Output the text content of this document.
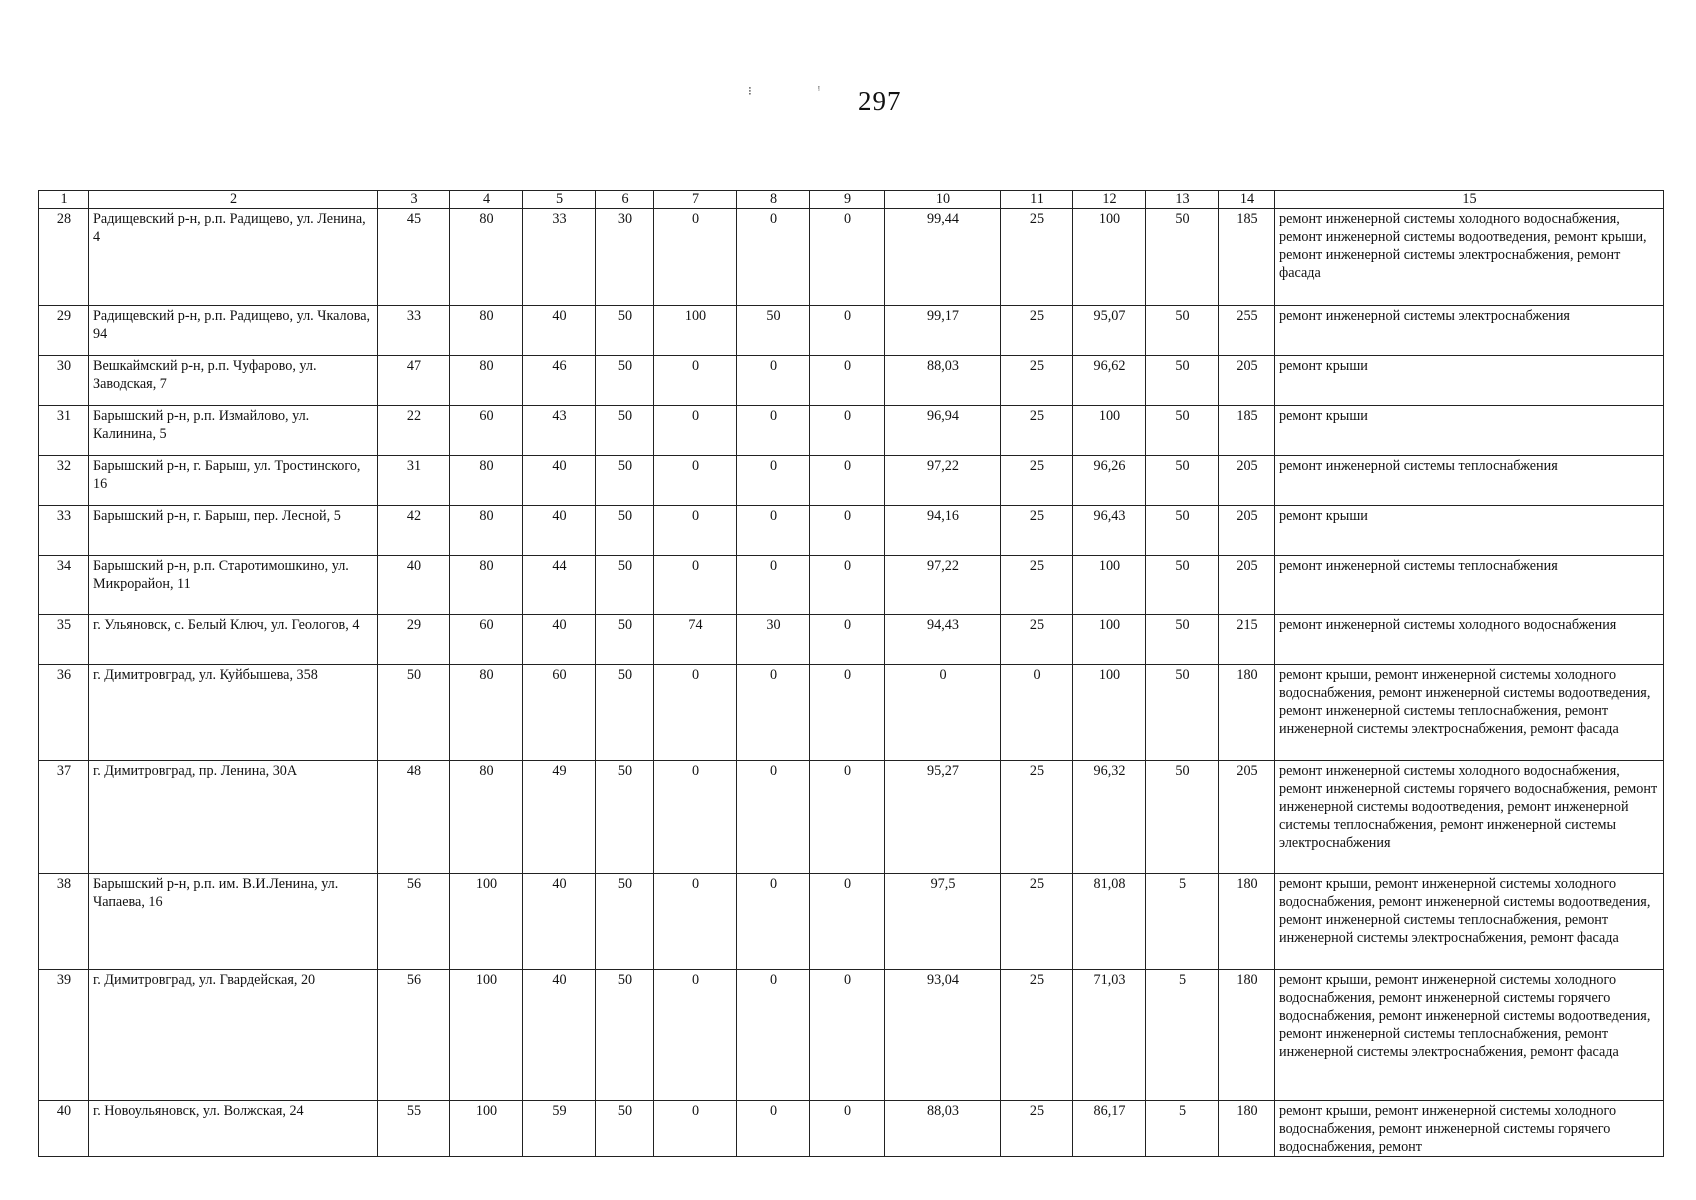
297
⁝	ᵎ
1	2	3	4	5	6	7	8	9	10	11	12	13	14	15
28	Радищевский р-н, р.п. Радищево, ул. Ленина, 4	45	80	33	30	0	0	0	99,44	25	100	50	185	ремонт инженерной системы холодного водоснабжения, ремонт инженерной системы водоотведения, ремонт крыши, ремонт инженерной системы электроснабжения, ремонт фасада
29	Радищевский р-н, р.п. Радищево, ул. Чкалова, 94	33	80	40	50	100	50	0	99,17	25	95,07	50	255	ремонт инженерной системы электроснабжения
30	Вешкаймский р-н, р.п. Чуфарово, ул. Заводская, 7	47	80	46	50	0	0	0	88,03	25	96,62	50	205	ремонт крыши
31	Барышский р-н, р.п. Измайлово, ул. Калинина, 5	22	60	43	50	0	0	0	96,94	25	100	50	185	ремонт крыши
32	Барышский р-н, г. Барыш, ул. Тростинского, 16	31	80	40	50	0	0	0	97,22	25	96,26	50	205	ремонт инженерной системы теплоснабжения
33	Барышский р-н, г. Барыш, пер. Лесной, 5	42	80	40	50	0	0	0	94,16	25	96,43	50	205	ремонт крыши
34	Барышский р-н, р.п. Старотимошкино, ул. Микрорайон, 11	40	80	44	50	0	0	0	97,22	25	100	50	205	ремонт инженерной системы теплоснабжения
35	г. Ульяновск, с. Белый Ключ, ул. Геологов, 4	29	60	40	50	74	30	0	94,43	25	100	50	215	ремонт инженерной системы холодного водоснабжения
36	г. Димитровград, ул. Куйбышева, 358	50	80	60	50	0	0	0	0	0	100	50	180	ремонт крыши, ремонт инженерной системы холодного водоснабжения, ремонт инженерной системы водоотведения, ремонт инженерной системы теплоснабжения, ремонт инженерной системы электроснабжения, ремонт фасада
37	г. Димитровград, пр. Ленина, 30А	48	80	49	50	0	0	0	95,27	25	96,32	50	205	ремонт инженерной системы холодного водоснабжения, ремонт инженерной системы горячего водоснабжения, ремонт инженерной системы водоотведения, ремонт инженерной системы теплоснабжения, ремонт инженерной системы электроснабжения
38	Барышский р-н, р.п. им. В.И.Ленина, ул. Чапаева, 16	56	100	40	50	0	0	0	97,5	25	81,08	5	180	ремонт крыши, ремонт инженерной системы холодного водоснабжения, ремонт инженерной системы водоотведения, ремонт инженерной системы теплоснабжения, ремонт инженерной системы электроснабжения, ремонт фасада
39	г. Димитровград, ул. Гвардейская, 20	56	100	40	50	0	0	0	93,04	25	71,03	5	180	ремонт крыши, ремонт инженерной системы холодного водоснабжения, ремонт инженерной системы горячего водоснабжения, ремонт инженерной системы водоотведения, ремонт инженерной системы теплоснабжения, ремонт инженерной системы электроснабжения, ремонт фасада
40	г. Новоульяновск, ул. Волжская, 24	55	100	59	50	0	0	0	88,03	25	86,17	5	180	ремонт крыши, ремонт инженерной системы холодного водоснабжения, ремонт инженерной системы горячего водоснабжения, ремонт
